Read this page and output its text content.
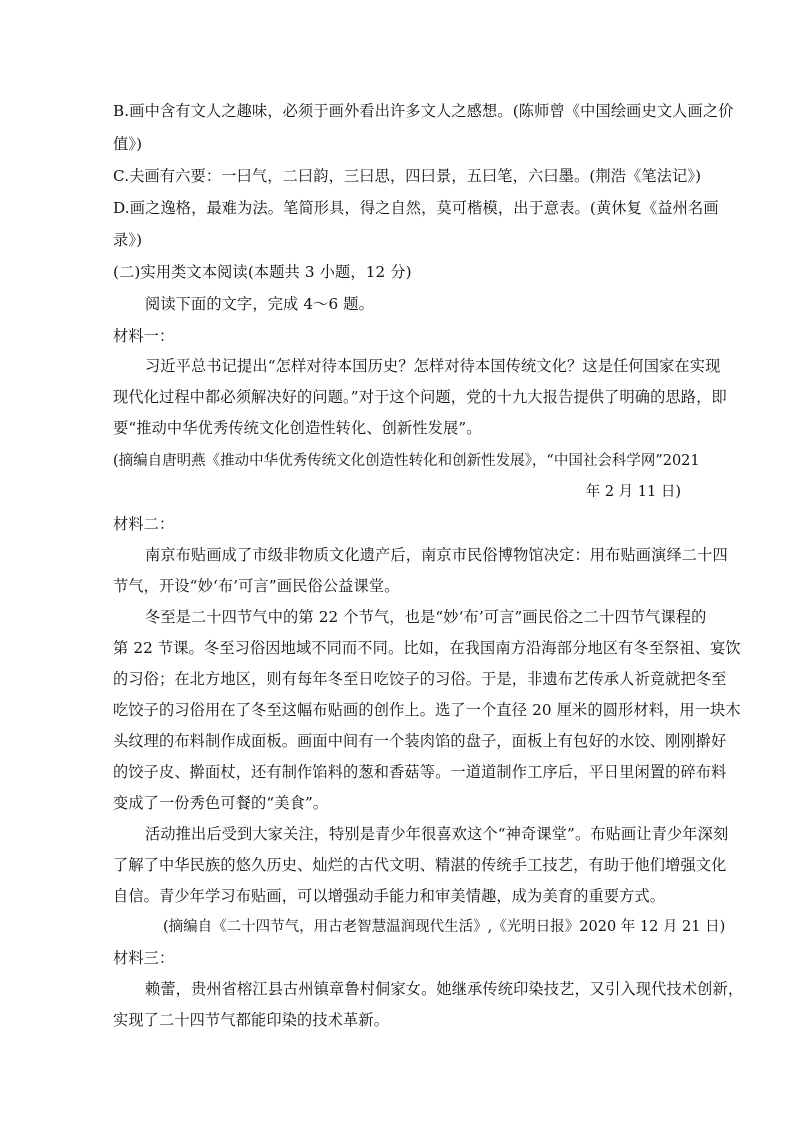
B.画中含有文人之趣味，必须于画外看出许多文人之感想。(陈师曾《中国绘画史文人画之价
值》)
C.夫画有六要：一曰气，二曰韵，三曰思，四曰景，五曰笔，六曰墨。(荆浩《笔法记》)
D.画之逸格，最难为法。笔简形具，得之自然，莫可楷模，出于意表。(黄休复《益州名画
录》)
(二)实用类文本阅读(本题共 3 小题，12 分)
阅读下面的文字，完成 4～6 题。
材料一：
习近平总书记提出“怎样对待本国历史？怎样对待本国传统文化？这是任何国家在实现
现代化过程中都必须解决好的问题。”对于这个问题，党的十九大报告提供了明确的思路，即
要“推动中华优秀传统文化创造性转化、创新性发展”。
(摘编自唐明燕《推动中华优秀传统文化创造性转化和创新性发展》，“中国社会科学网”2021
年 2 月 11 日)
材料二：
南京布贴画成了市级非物质文化遗产后，南京市民俗博物馆决定：用布贴画演绎二十四
节气，开设“妙‘布’可言”画民俗公益课堂。
冬至是二十四节气中的第 22 个节气，也是“妙‘布’可言”画民俗之二十四节气课程的
第 22 节课。冬至习俗因地域不同而不同。比如，在我国南方沿海部分地区有冬至祭祖、宴饮
的习俗；在北方地区，则有每年冬至日吃饺子的习俗。于是，非遗布艺传承人祈竟就把冬至
吃饺子的习俗用在了冬至这幅布贴画的创作上。选了一个直径 20 厘米的圆形材料，用一块木
头纹理的布料制作成面板。画面中间有一个装肉馅的盘子，面板上有包好的水饺、刚刚擀好
的饺子皮、擀面杖，还有制作馅料的葱和香菇等。一道道制作工序后，平日里闲置的碎布料
变成了一份秀色可餐的“美食”。
活动推出后受到大家关注，特别是青少年很喜欢这个“神奇课堂”。布贴画让青少年深刻
了解了中华民族的悠久历史、灿烂的古代文明、精湛的传统手工技艺，有助于他们增强文化
自信。青少年学习布贴画，可以增强动手能力和审美情趣，成为美育的重要方式。
(摘编自《二十四节气，用古老智慧温润现代生活》,《光明日报》2020 年 12 月 21 日)
材料三：
赖蕾，贵州省榕江县古州镇章鲁村侗家女。她继承传统印染技艺，又引入现代技术创新，
实现了二十四节气都能印染的技术革新。
